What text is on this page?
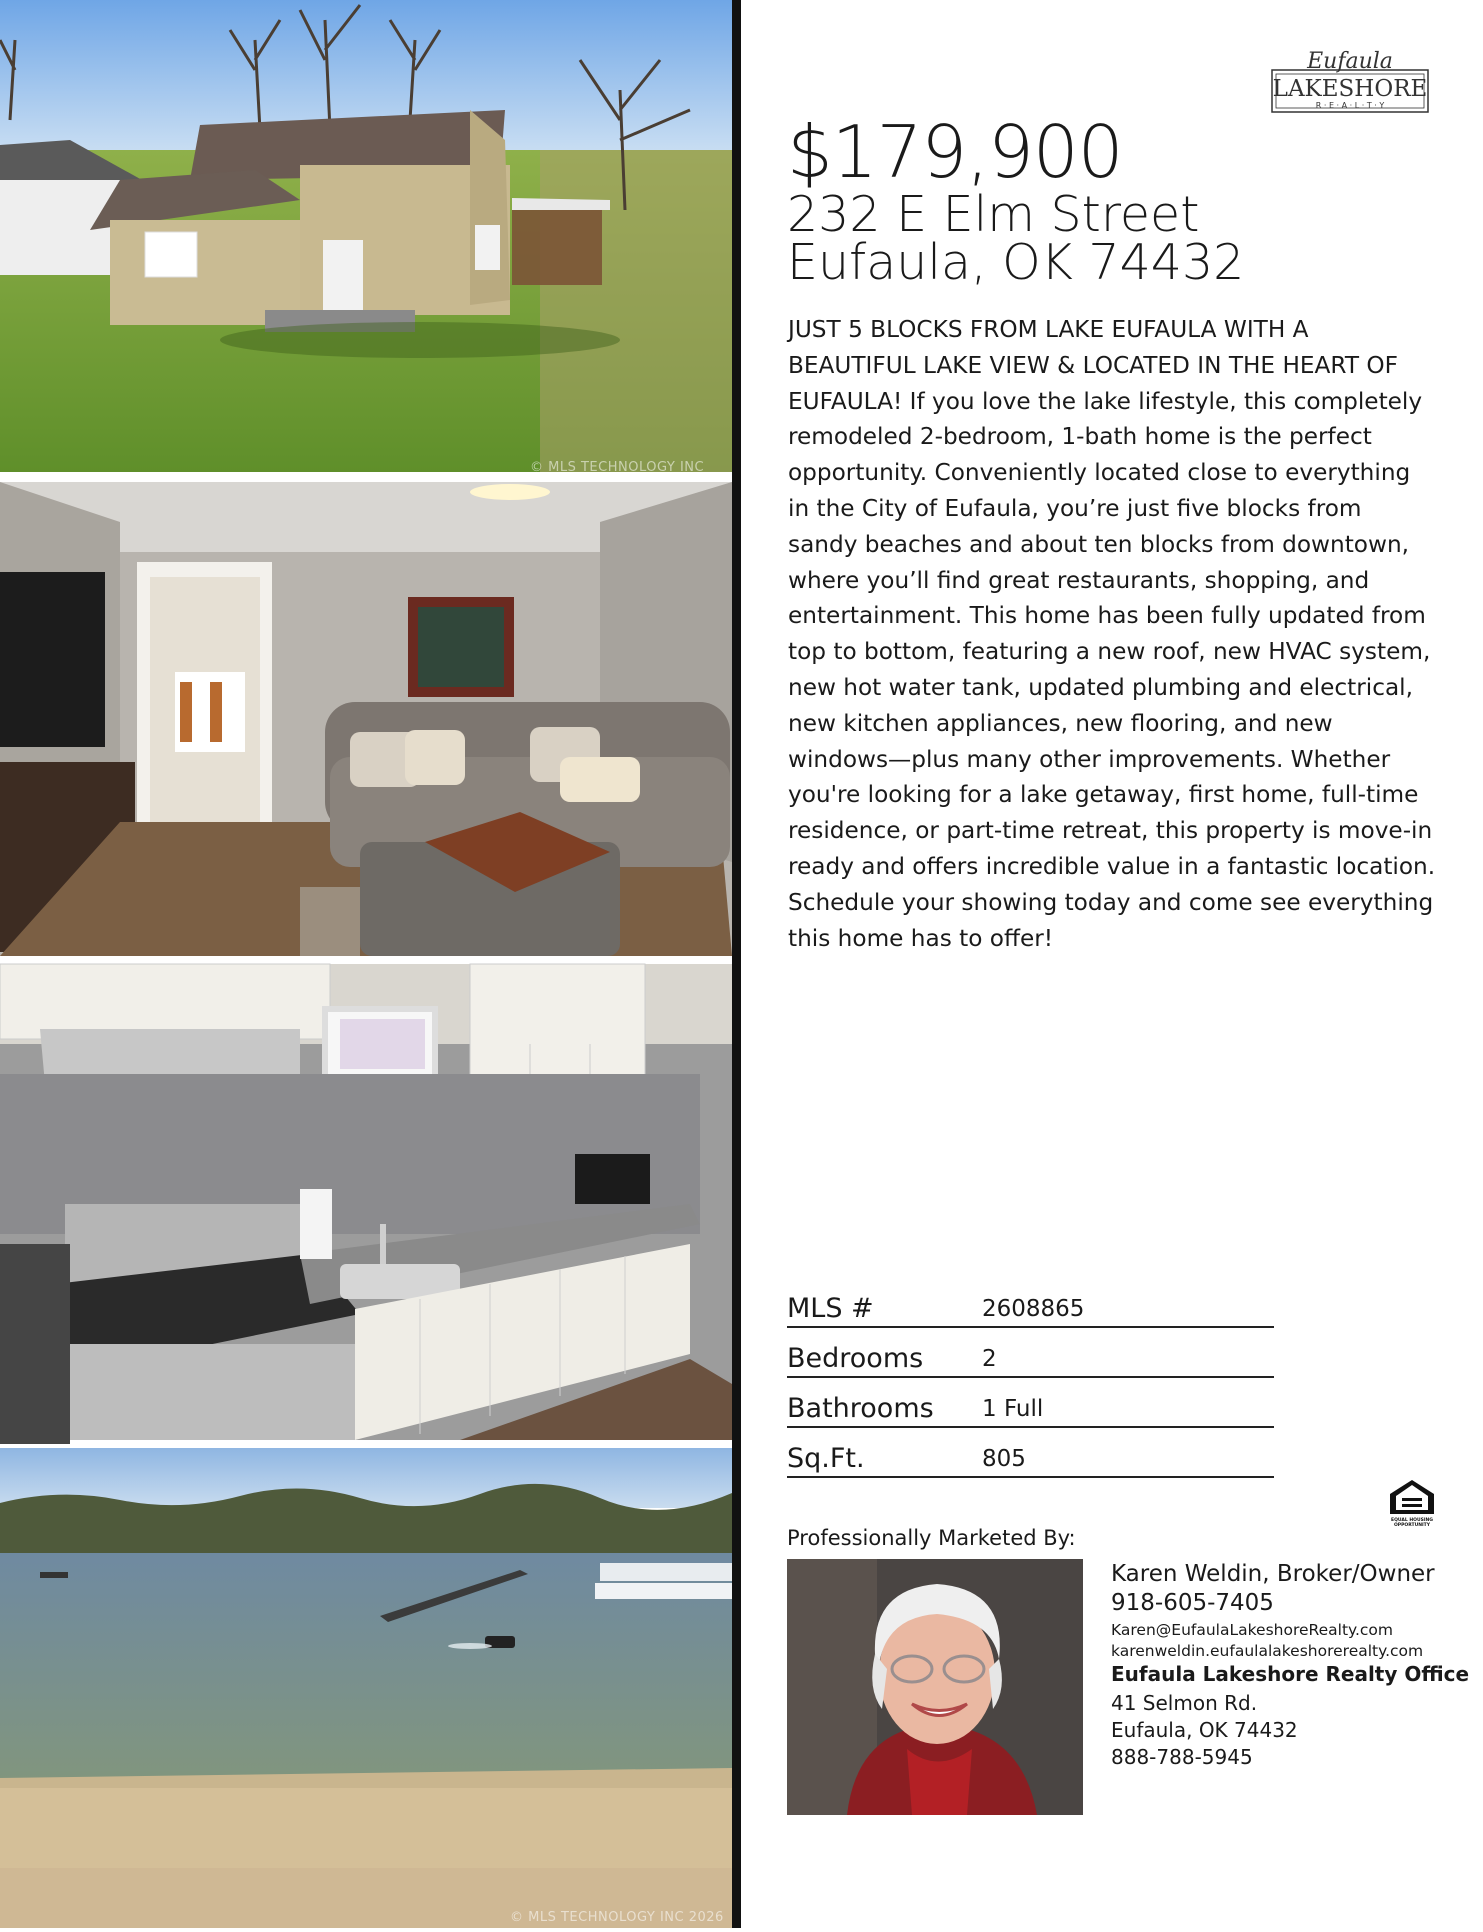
© MLS TECHNOLOGY INC
© MLS TECHNOLOGY INC 2026
Eufaula
LAKESHORE
R · E · A · L · T · Y
$179,900
232 E Elm Street
Eufaula, OK 74432
JUST 5 BLOCKS FROM LAKE EUFAULA WITH A BEAUTIFUL LAKE VIEW & LOCATED IN THE HEART OF EUFAULA! If you love the lake lifestyle, this completely remodeled 2-bedroom, 1-bath home is the perfect opportunity. Conveniently located close to everything in the City of Eufaula, you’re just five blocks from sandy beaches and about ten blocks from downtown, where you’ll find great restaurants, shopping, and entertainment. This home has been fully updated from top to bottom, featuring a new roof, new HVAC system, new hot water tank, updated plumbing and electrical, new kitchen appliances, new flooring, and new windows—plus many other improvements. Whether you're looking for a lake getaway, first home, full-time residence, or part-time retreat, this property is move-in ready and offers incredible value in a fantastic location. Schedule your showing today and come see everything this home has to offer!
MLS #	2608865
Bedrooms	2
Bathrooms 1 Full
Sq.Ft.	805
EQUAL HOUSING
OPPORTUNITY
Professionally Marketed By:
Karen Weldin, Broker/Owner
918-605-7405
Karen@EufaulaLakeshoreRealty.com
karenweldin.eufaulalakeshorerealty.com
Eufaula Lakeshore Realty Office
41 Selmon Rd.
Eufaula, OK 74432
888-788-5945
